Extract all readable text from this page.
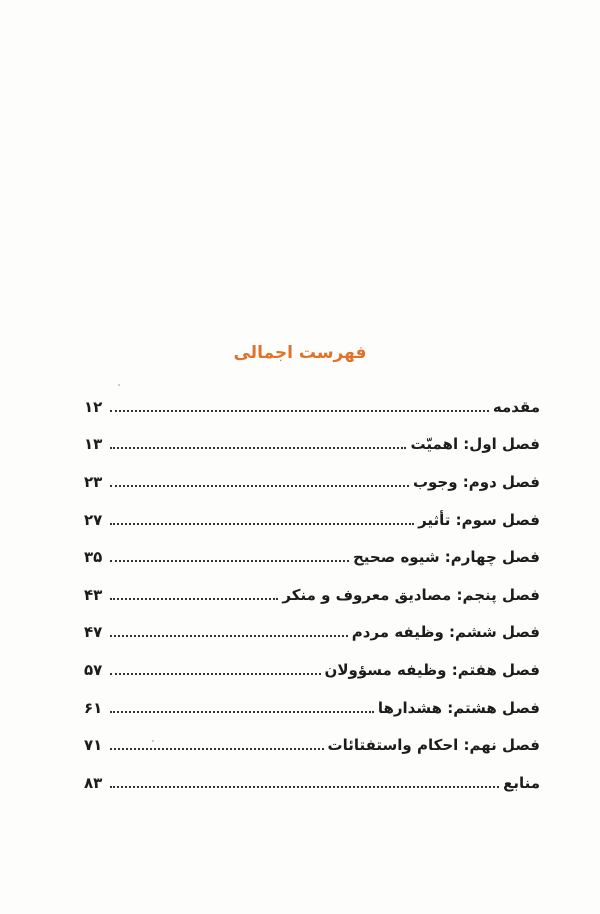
فهرست اجمالی
مقدمه
۱۲
فصل اول: اهمیّت
۱۳
فصل دوم: وجوب
۲۳
فصل سوم: تأثیر
۲۷
فصل چهارم: شیوه صحیح
۳۵
فصل پنجم: مصادیق معروف و منکر
۴۳
فصل ششم: وظیفه مردم
۴۷
فصل هفتم: وظیفه مسؤولان
۵۷
فصل هشتم: هشدارها
۶۱
فصل نهم: احکام واستفتائات
۷۱
منابع
۸۳
